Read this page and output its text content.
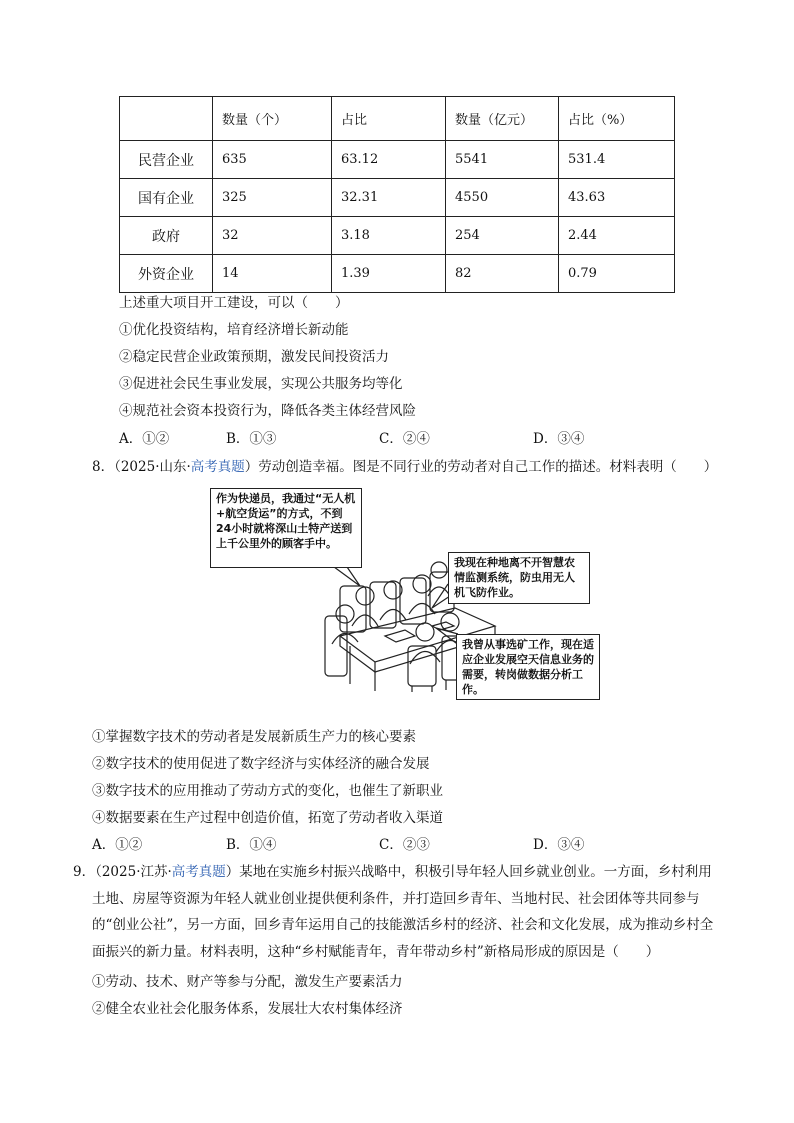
	数量（个）	占比	数量（亿元）	占比（%）
民营企业	635	63.12	5541	531.4
国有企业	325	32.31	4550	43.63
政府	32	3.18	254	2.44
外资企业	14	1.39	82	0.79
上述重大项目开工建设，可以（　　）
①优化投资结构，培育经济增长新动能
②稳定民营企业政策预期，激发民间投资活力
③促进社会民生事业发展，实现公共服务均等化
④规范社会资本投资行为，降低各类主体经营风险
A．①②	B．①③	C．②④	D．③④
8．（2025·山东·高考真题）劳动创造幸福。图是不同行业的劳动者对自己工作的描述。材料表明（　　）
作为快递员，我通过“无人机+航空货运”的方式，不到24小时就将深山土特产送到上千公里外的顾客手中。
我现在种地离不开智慧农情监测系统，防虫用无人机飞防作业。
我曾从事选矿工作，现在适应企业发展空天信息业务的需要，转岗做数据分析工作。
①掌握数字技术的劳动者是发展新质生产力的核心要素
②数字技术的使用促进了数字经济与实体经济的融合发展
③数字技术的应用推动了劳动方式的变化，也催生了新职业
④数据要素在生产过程中创造价值，拓宽了劳动者收入渠道
A．①②	B．①④	C．②③	D．③④
9．（2025·江苏·高考真题）某地在实施乡村振兴战略中，积极引导年轻人回乡就业创业。一方面，乡村利用土地、房屋等资源为年轻人就业创业提供便利条件，并打造回乡青年、当地村民、社会团体等共同参与的“创业公社”，另一方面，回乡青年运用自己的技能激活乡村的经济、社会和文化发展，成为推动乡村全面振兴的新力量。材料表明，这种“乡村赋能青年，青年带动乡村”新格局形成的原因是（　　）
①劳动、技术、财产等参与分配，激发生产要素活力
②健全农业社会化服务体系，发展壮大农村集体经济
